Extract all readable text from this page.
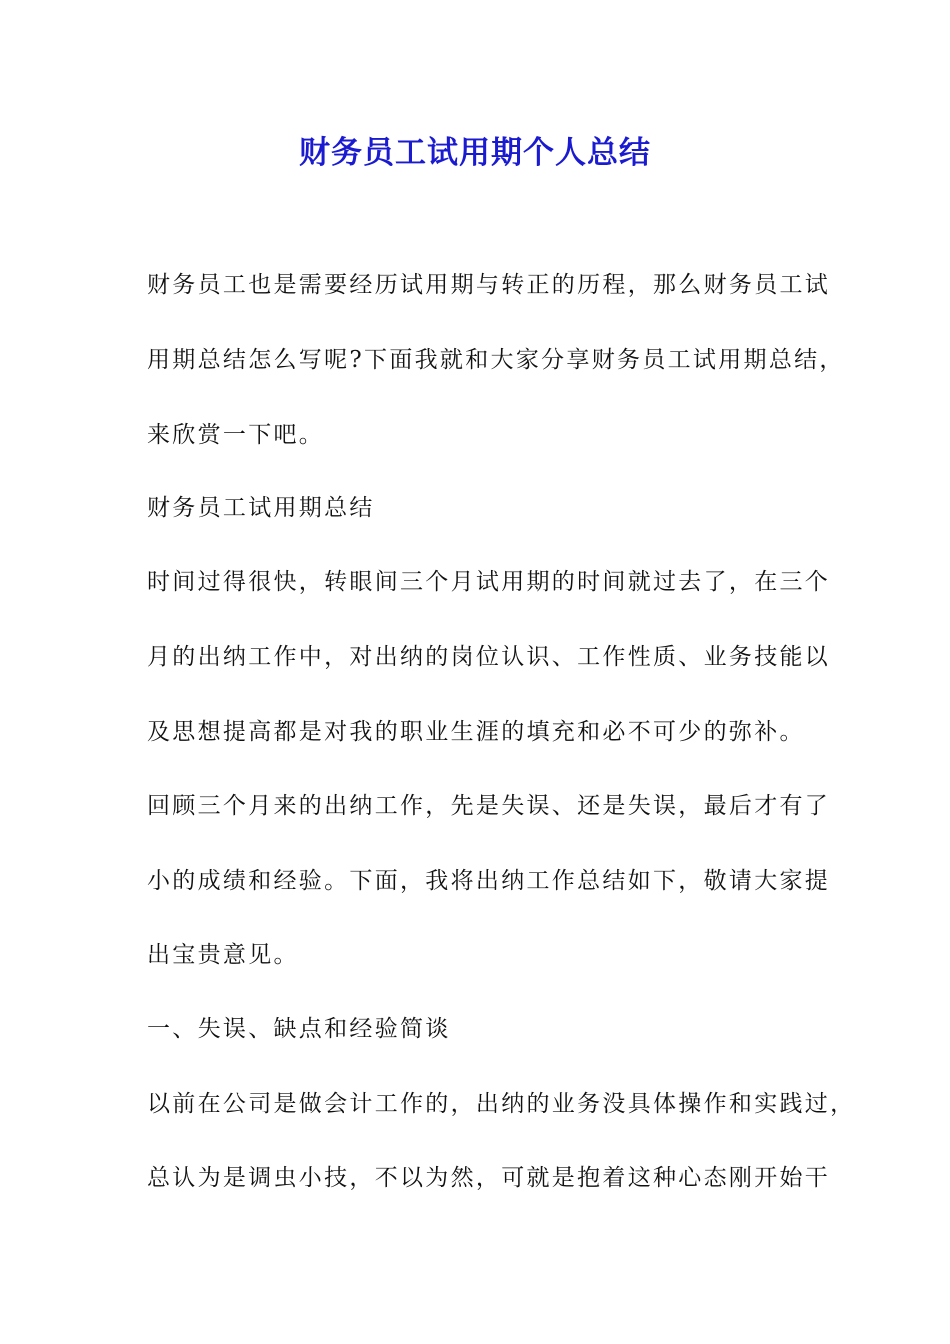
财务员工试用期个人总结
财务员工也是需要经历试用期与转正的历程，那么财务员工试
用期总结怎么写呢?下面我就和大家分享财务员工试用期总结，
来欣赏一下吧。
财务员工试用期总结
时间过得很快，转眼间三个月试用期的时间就过去了，在三个
月的出纳工作中，对出纳的岗位认识、工作性质、业务技能以
及思想提高都是对我的职业生涯的填充和必不可少的弥补。
回顾三个月来的出纳工作，先是失误、还是失误，最后才有了
小的成绩和经验。下面，我将出纳工作总结如下，敬请大家提
出宝贵意见。
一、失误、缺点和经验简谈
以前在公司是做会计工作的，出纳的业务没具体操作和实践过，
总认为是调虫小技，不以为然，可就是抱着这种心态刚开始干
